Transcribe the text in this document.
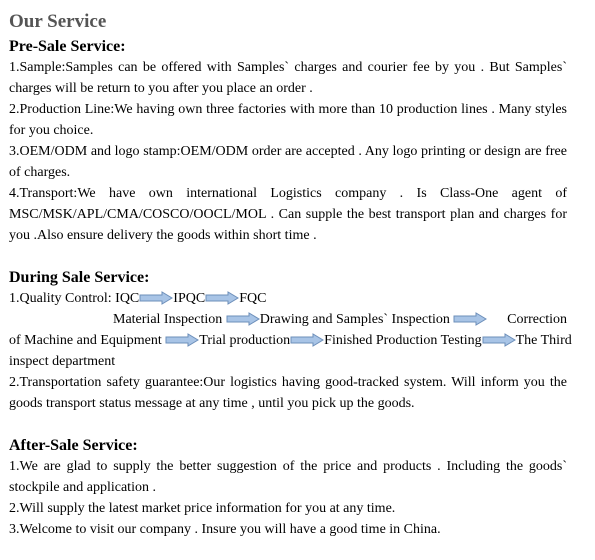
Our Service
Pre-Sale Service:

1.Sample:Samples can be offered with Samples` charges and courier fee by you . But Samples` charges will be return to you after you place an order .

2.Production Line:We having own three factories with more than 10 production lines . Many styles for you choice.

3.OEM/ODM and logo stamp:OEM/ODM order are accepted . Any logo printing or design are free of charges.

4.Transport:We have own international Logistics company . Is Class-One agent of MSC/MSK/APL/CMA/COSCO/OOCL/MOL . Can supple the best transport plan and charges for you .Also ensure delivery the goods within short time .

During Sale Service:
1.Quality Control: IQC IPQC FQC
Material Inspection	Drawing and Samples` Inspection	Correction
of Machine and Equipment	Trial production Finished Production Testing The Third
inspect department

2.Transportation safety guarantee:Our logistics having good-tracked system. Will inform you the goods transport status message at any time , until you pick up the goods.

After-Sale Service:

1.We are glad to supply the better suggestion of the price and products . Including the goods` stockpile and application .

2.Will supply the latest market price information for you at any time.

3.Welcome to visit our company . Insure you will have a good time in China.
